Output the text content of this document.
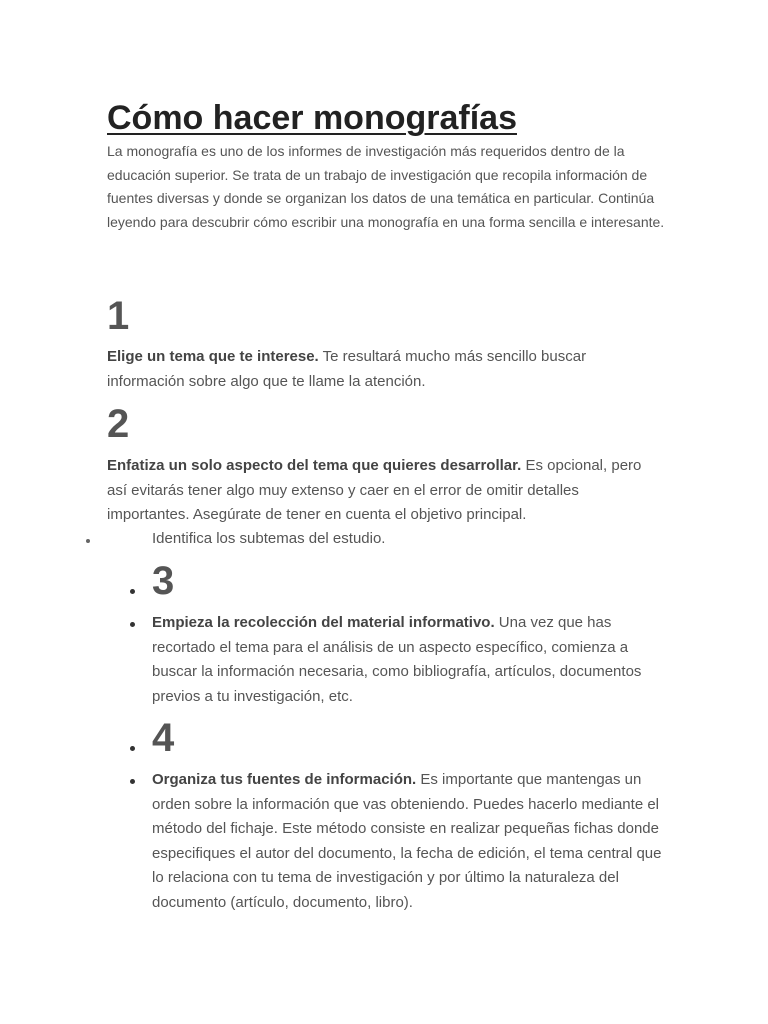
Cómo hacer monografías

La monografía es uno de los informes de investigación más requeridos dentro de la educación superior. Se trata de un trabajo de investigación que recopila información de fuentes diversas y donde se organizan los datos de una temática en particular. Continúa leyendo para descubrir cómo escribir una monografía en una forma sencilla e interesante.

1

Elige un tema que te interese. Te resultará mucho más sencillo buscar información sobre algo que te llame la atención.

2

Enfatiza un solo aspecto del tema que quieres desarrollar. Es opcional, pero así evitarás tener algo muy extenso y caer en el error de omitir detalles importantes. Asegúrate de tener en cuenta el objetivo principal.

Identifica los subtemas del estudio.

3

Empieza la recolección del material informativo. Una vez que has recortado el tema para el análisis de un aspecto específico, comienza a buscar la información necesaria, como bibliografía, artículos, documentos previos a tu investigación, etc.

4

Organiza tus fuentes de información. Es importante que mantengas un orden sobre la información que vas obteniendo. Puedes hacerlo mediante el método del fichaje. Este método consiste en realizar pequeñas fichas donde especifiques el autor del documento, la fecha de edición, el tema central que lo relaciona con tu tema de investigación y por último la naturaleza del documento (artículo, documento, libro).
